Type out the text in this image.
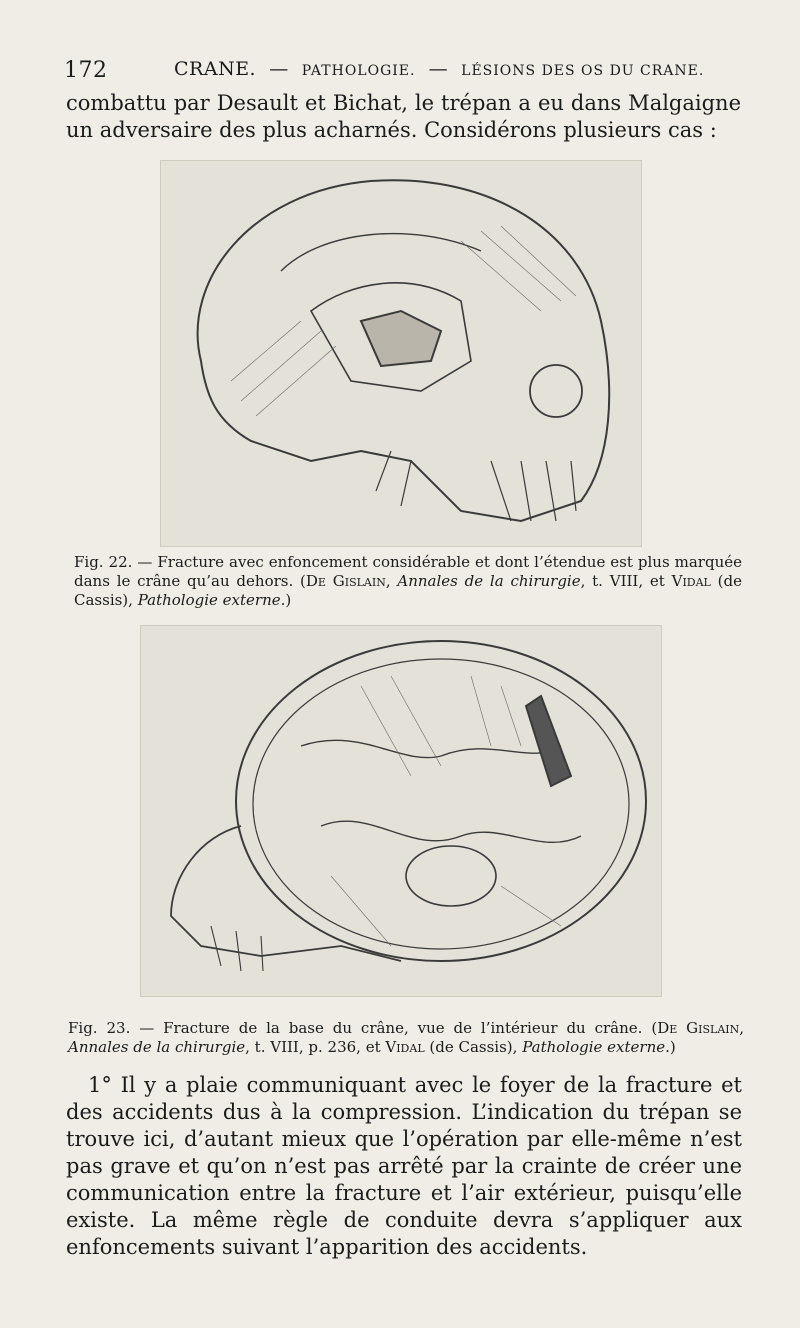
172	CRANE. — PATHOLOGIE. — LÉSIONS DES OS DU CRANE.
combattu par Desault et Bichat, le trépan a eu dans Malgaigne un adversaire des plus acharnés. Considérons plusieurs cas :
Fig. 22. — Fracture avec enfoncement considérable et dont l’étendue est plus marquée dans le crâne qu’au dehors. (De Gislain, Annales de la chirurgie, t. VIII, et Vidal (de Cassis), Pathologie externe.)
Fig. 23. — Fracture de la base du crâne, vue de l’intérieur du crâne. (De Gislain, Annales de la chirurgie, t. VIII, p. 236, et Vidal (de Cassis), Pathologie externe.)
1° Il y a plaie communiquant avec le foyer de la fracture et des accidents dus à la compression. L’indication du trépan se trouve ici, d’autant mieux que l’opération par elle-même n’est pas grave et qu’on n’est pas arrêté par la crainte de créer une communication entre la fracture et l’air extérieur, puisqu’elle existe. La même règle de conduite devra s’appliquer aux enfoncements suivant l’apparition des accidents.
